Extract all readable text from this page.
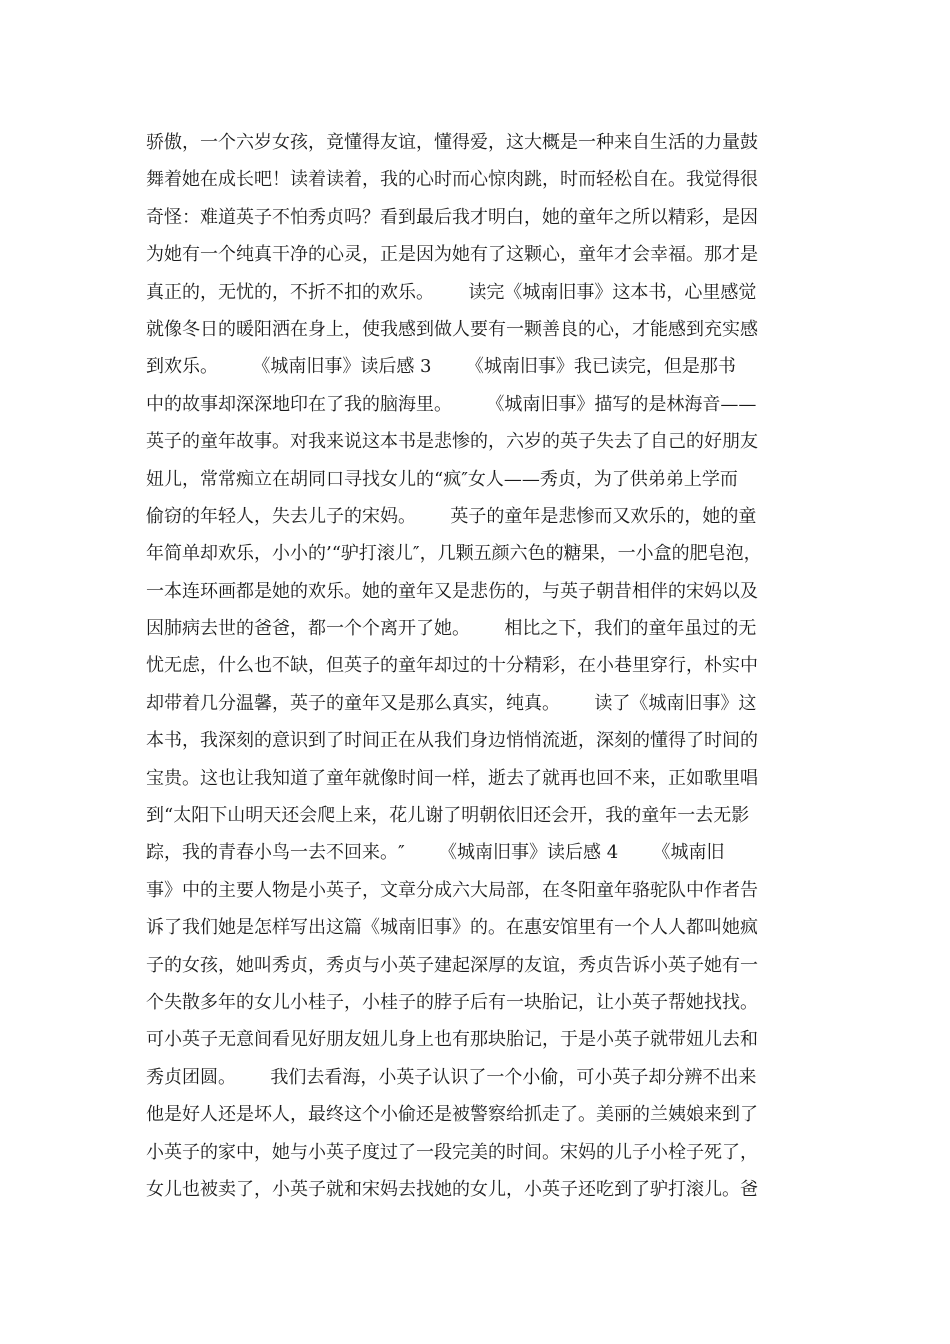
骄傲，一个六岁女孩，竟懂得友谊，懂得爱，这大概是一种来自生活的力量鼓
舞着她在成长吧！读着读着，我的心时而心惊肉跳，时而轻松自在。我觉得很
奇怪：难道英子不怕秀贞吗？看到最后我才明白，她的童年之所以精彩，是因
为她有一个纯真干净的心灵，正是因为她有了这颗心，童年才会幸福。那才是
真正的，无忧的，不折不扣的欢乐。      读完《城南旧事》这本书，心里感觉
就像冬日的暖阳洒在身上，使我感到做人要有一颗善良的心，才能感到充实感
到欢乐。      《城南旧事》读后感 3      《城南旧事》我已读完，但是那书
中的故事却深深地印在了我的脑海里。      《城南旧事》描写的是林海音——
英子的童年故事。对我来说这本书是悲惨的，六岁的英子失去了自己的好朋友
妞儿，常常痴立在胡同口寻找女儿的“疯″女人——秀贞，为了供弟弟上学而
偷窃的年轻人，失去儿子的宋妈。      英子的童年是悲惨而又欢乐的，她的童
年简单却欢乐，小小的’“驴打滚儿″，几颗五颜六色的糖果，一小盒的肥皂泡，
一本连环画都是她的欢乐。她的童年又是悲伤的，与英子朝昔相伴的宋妈以及
因肺病去世的爸爸，都一个个离开了她。      相比之下，我们的童年虽过的无
忧无虑，什么也不缺，但英子的童年却过的十分精彩，在小巷里穿行，朴实中
却带着几分温馨，英子的童年又是那么真实，纯真。      读了《城南旧事》这
本书，我深刻的意识到了时间正在从我们身边悄悄流逝，深刻的懂得了时间的
宝贵。这也让我知道了童年就像时间一样，逝去了就再也回不来，正如歌里唱
到“太阳下山明天还会爬上来，花儿谢了明朝依旧还会开，我的童年一去无影
踪，我的青春小鸟一去不回来。″      《城南旧事》读后感 4      《城南旧
事》中的主要人物是小英子，文章分成六大局部，在冬阳童年骆驼队中作者告
诉了我们她是怎样写出这篇《城南旧事》的。在惠安馆里有一个人人都叫她疯
子的女孩，她叫秀贞，秀贞与小英子建起深厚的友谊，秀贞告诉小英子她有一
个失散多年的女儿小桂子，小桂子的脖子后有一块胎记，让小英子帮她找找。
可小英子无意间看见好朋友妞儿身上也有那块胎记，于是小英子就带妞儿去和
秀贞团圆。      我们去看海，小英子认识了一个小偷，可小英子却分辨不出来
他是好人还是坏人，最终这个小偷还是被警察给抓走了。美丽的兰姨娘来到了
小英子的家中，她与小英子度过了一段完美的时间。宋妈的儿子小栓子死了，
女儿也被卖了，小英子就和宋妈去找她的女儿，小英子还吃到了驴打滚儿。爸
